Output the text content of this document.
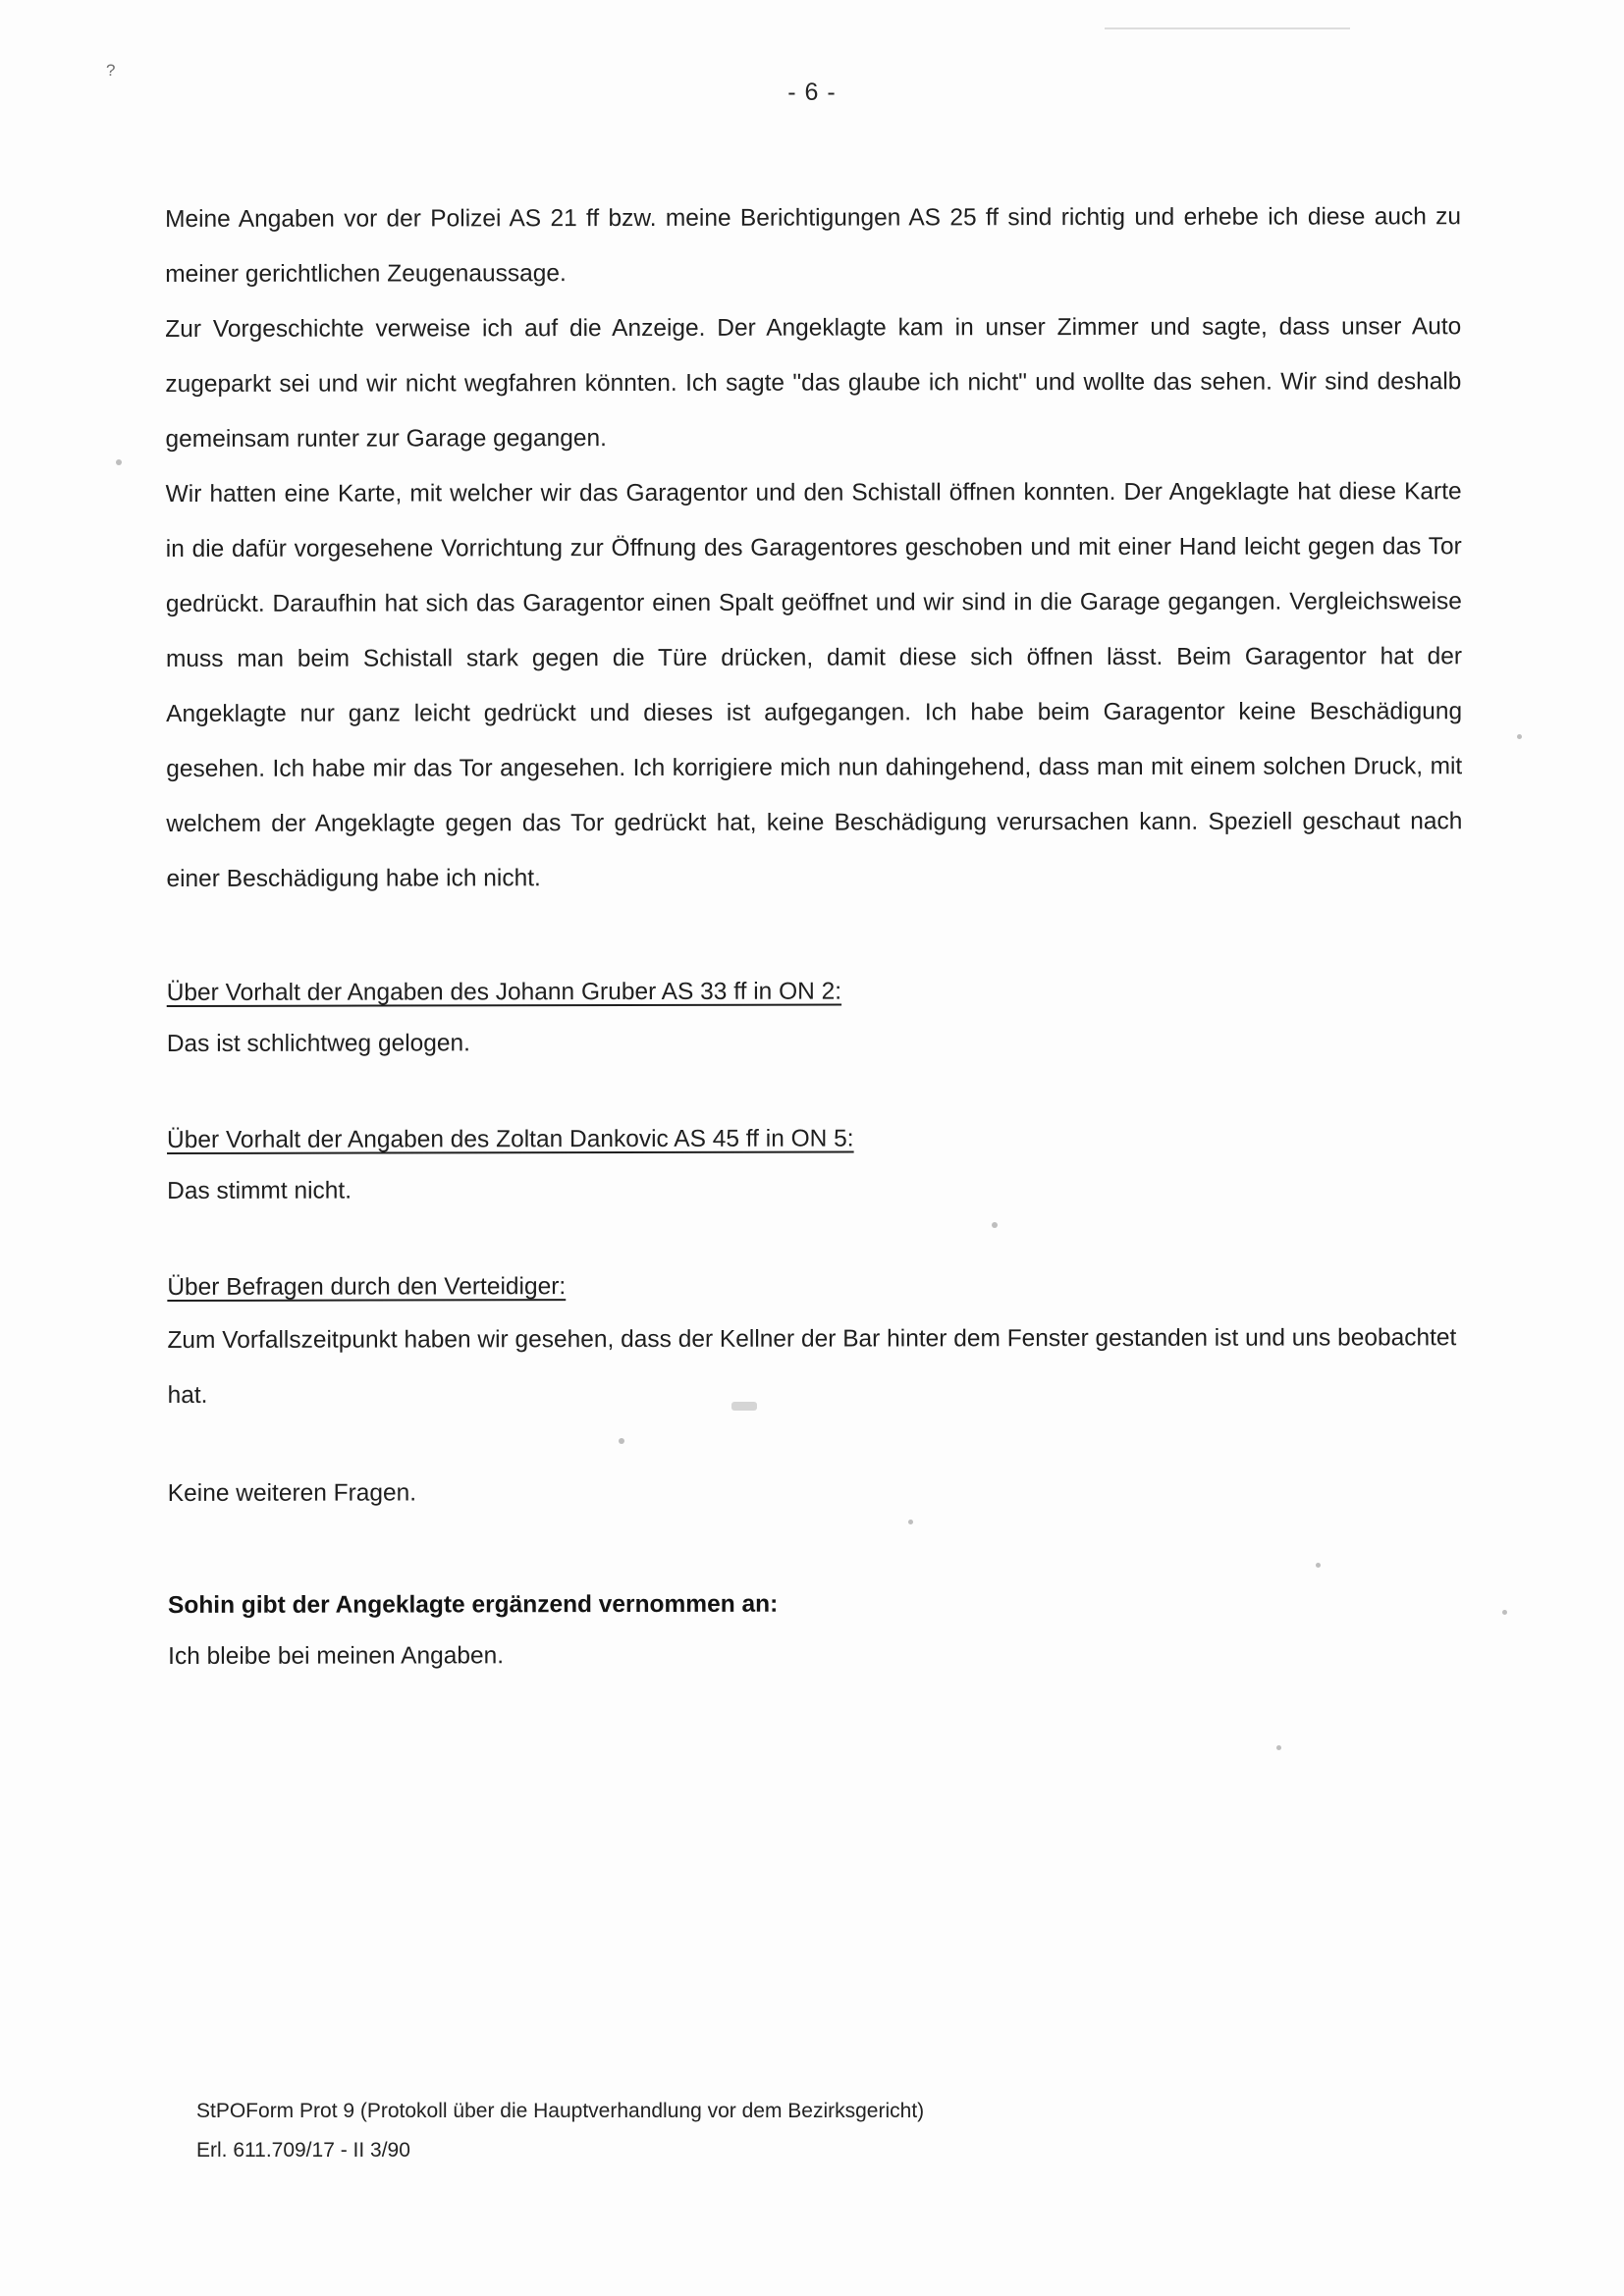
?
- 6 -

Meine Angaben vor der Polizei AS 21 ff bzw. meine Berichtigungen AS 25 ff sind richtig und erhebe ich diese auch zu meiner gerichtlichen Zeugenaussage.

Zur Vorgeschichte verweise ich auf die Anzeige. Der Angeklagte kam in unser Zimmer und sagte, dass unser Auto zugeparkt sei und wir nicht wegfahren könnten. Ich sagte "das glaube ich nicht" und wollte das sehen. Wir sind deshalb gemeinsam runter zur Garage gegangen.

Wir hatten eine Karte, mit welcher wir das Garagentor und den Schistall öffnen konnten. Der Angeklagte hat diese Karte in die dafür vorgesehene Vorrichtung zur Öffnung des Garagentores geschoben und mit einer Hand leicht gegen das Tor gedrückt. Daraufhin hat sich das Garagentor einen Spalt geöffnet und wir sind in die Garage gegangen. Vergleichsweise muss man beim Schistall stark gegen die Türe drücken, damit diese sich öffnen lässt. Beim Garagentor hat der Angeklagte nur ganz leicht gedrückt und dieses ist aufgegangen. Ich habe beim Garagentor keine Beschädigung gesehen. Ich habe mir das Tor angesehen. Ich korrigiere mich nun dahingehend, dass man mit einem solchen Druck, mit welchem der Angeklagte gegen das Tor gedrückt hat, keine Beschädigung verursachen kann. Speziell geschaut nach einer Beschädigung habe ich nicht.

Über Vorhalt der Angaben des Johann Gruber AS 33 ff in ON 2:

Das ist schlichtweg gelogen.

Über Vorhalt der Angaben des Zoltan Dankovic AS 45 ff in ON 5:

Das stimmt nicht.

Über Befragen durch den Verteidiger:

Zum Vorfallszeitpunkt haben wir gesehen, dass der Kellner der Bar hinter dem Fenster gestanden ist und uns beobachtet hat.

Keine weiteren Fragen.

Sohin gibt der Angeklagte ergänzend vernommen an:

Ich bleibe bei meinen Angaben.

StPOForm Prot 9 (Protokoll über die Hauptverhandlung vor dem Bezirksgericht)
Erl. 611.709/17 - II 3/90
